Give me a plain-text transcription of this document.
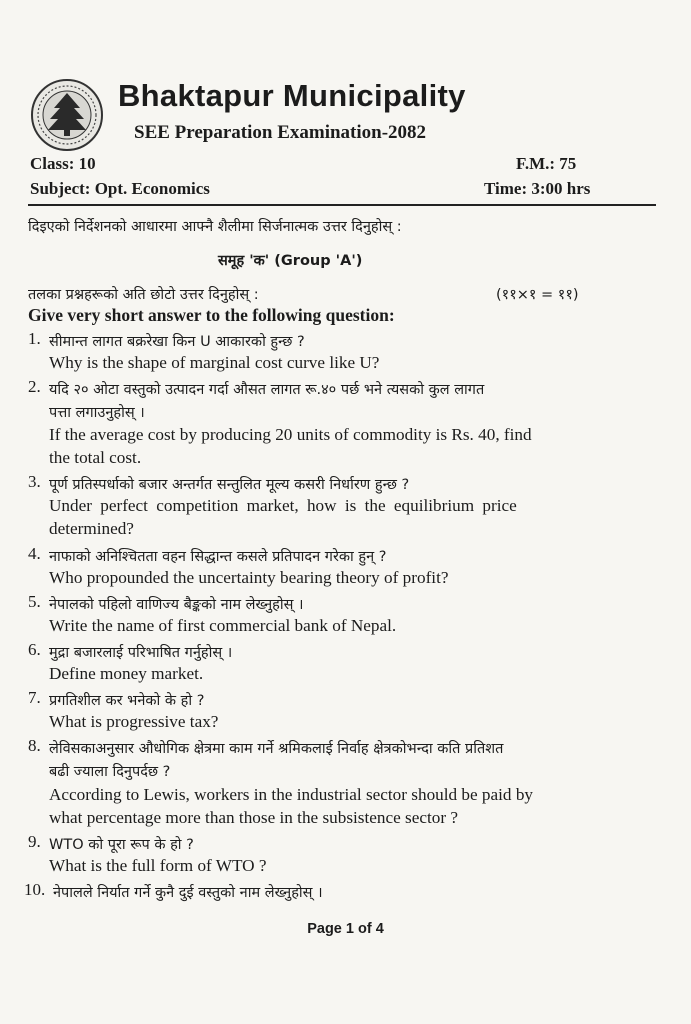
Bhaktapur Municipality
SEE Preparation Examination-2082
Class: 10	F.M.: 75
Subject: Opt. Economics	Time: 3:00 hrs
दिइएको निर्देशनको आधारमा आफ्नै शैलीमा सिर्जनात्मक उत्तर दिनुहोस् :
समूह 'क' (Group 'A')
तलका प्रश्नहरूको अति छोटो उत्तर दिनुहोस् :	(११×१ = ११)
Give very short answer to the following question:
1. सीमान्त लागत बक्ररेखा किन U आकारको हुन्छ ?
Why is the shape of marginal cost curve like U?
2. यदि २० ओटा वस्तुको उत्पादन गर्दा औसत लागत रू.४० पर्छ भने त्यसको कुल लागत
पत्ता लगाउनुहोस् ।
If the average cost by producing 20 units of commodity is Rs. 40, find
the total cost.
3. पूर्ण प्रतिस्पर्धाको बजार अन्तर्गत सन्तुलित मूल्य कसरी निर्धारण हुन्छ ?
Under perfect competition market, how is the equilibrium price
determined?
4. नाफाको अनिश्चितता वहन सिद्धान्त कसले प्रतिपादन गरेका हुन् ?
Who propounded the uncertainty bearing theory of profit?
5. नेपालको पहिलो वाणिज्य बैङ्कको नाम लेख्नुहोस् ।
Write the name of first commercial bank of Nepal.
6. मुद्रा बजारलाई परिभाषित गर्नुहोस् ।
Define money market.
7. प्रगतिशील कर भनेको के हो ?
What is progressive tax?
8. लेविसकाअनुसार औधोगिक क्षेत्रमा काम गर्ने श्रमिकलाई निर्वाह क्षेत्रकोभन्दा कति प्रतिशत
बढी ज्याला दिनुपर्दछ ?
According to Lewis, workers in the industrial sector should be paid by
what percentage more than those in the subsistence sector ?
9. WTO को पूरा रूप के हो ?
What is the full form of WTO ?
10. नेपालले निर्यात गर्ने कुनै दुई वस्तुको नाम लेख्नुहोस् ।
Page 1 of 4
